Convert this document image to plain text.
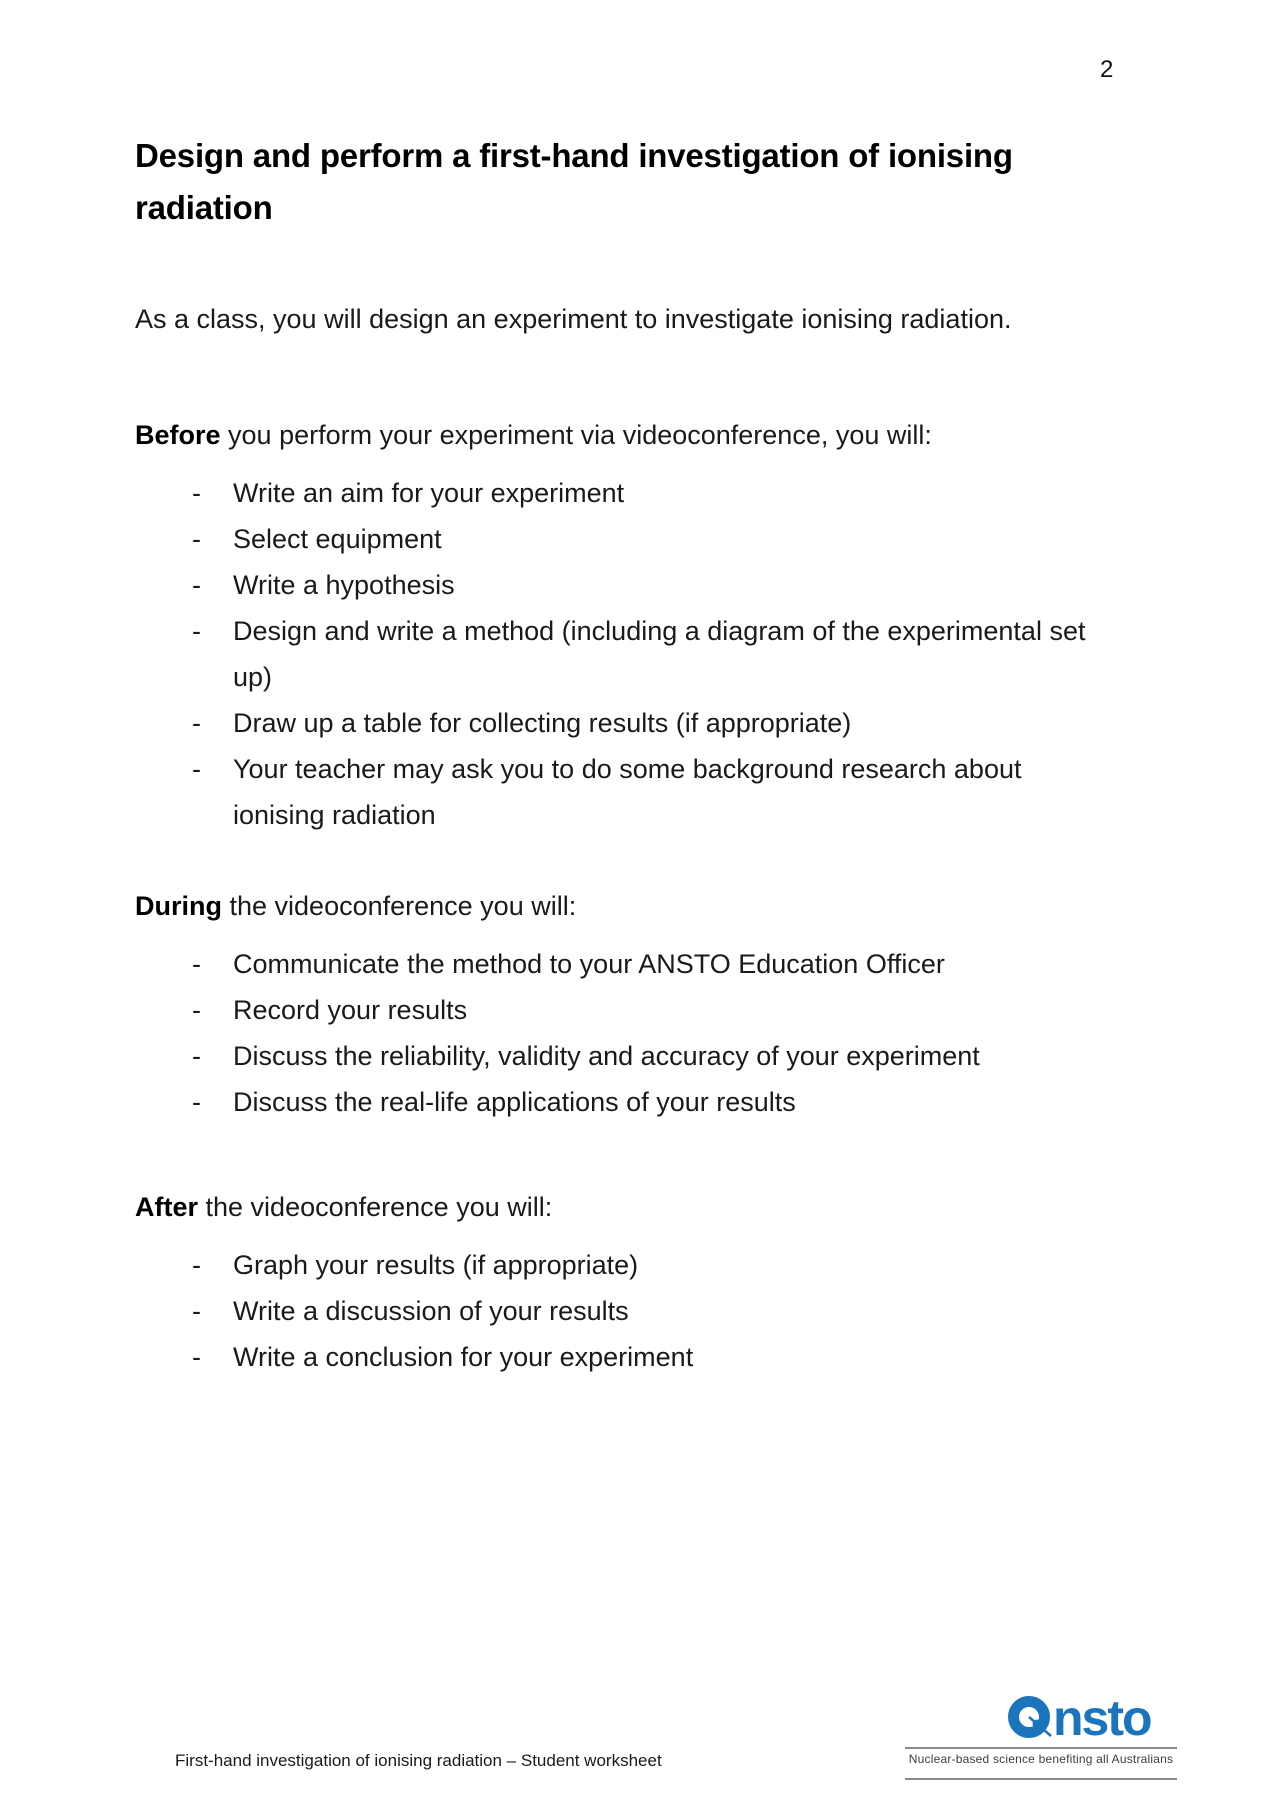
2
Design and perform a first-hand investigation of ionising radiation
As a class, you will design an experiment to investigate ionising radiation.
Before you perform your experiment via videoconference, you will:
-	Write an aim for your experiment
-	Select equipment
-	Write a hypothesis
-	Design and write a method (including a diagram of the experimental set up)
-	Draw up a table for collecting results (if appropriate)
-	Your teacher may ask you to do some background research about ionising radiation
During the videoconference you will:
-	Communicate the method to your ANSTO Education Officer
-	Record your results
-	Discuss the reliability, validity and accuracy of your experiment
-	Discuss the real-life applications of your results
After the videoconference you will:
-	Graph your results (if appropriate)
-	Write a discussion of your results
-	Write a conclusion for your experiment
First-hand investigation of ionising radiation – Student worksheet
nsto
Nuclear-based science benefiting all Australians
